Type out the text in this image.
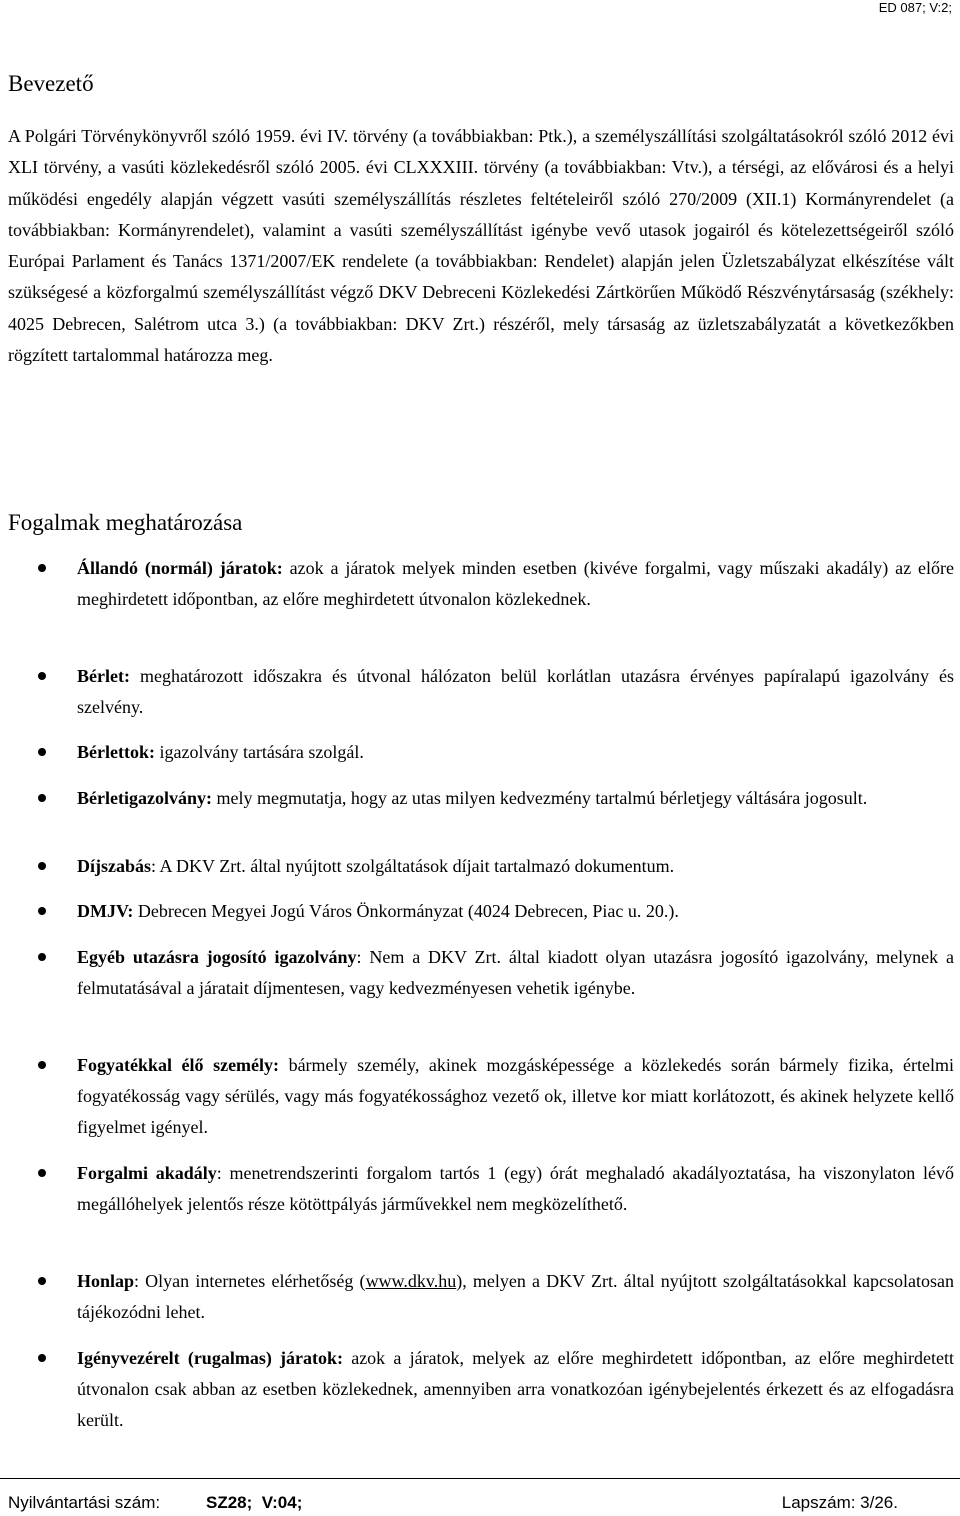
ED 087; V:2;
Bevezető

A Polgári Törvénykönyvről szóló 1959. évi IV. törvény (a továbbiakban: Ptk.), a személyszállítási szolgáltatásokról szóló 2012 évi XLI törvény, a vasúti közlekedésről szóló 2005. évi CLXXXIII. törvény (a továbbiakban: Vtv.), a térségi, az elővárosi és a helyi működési engedély alapján végzett vasúti személyszállítás részletes feltételeiről szóló 270/2009 (XII.1) Kormányrendelet (a továbbiakban: Kormányrendelet), valamint a vasúti személyszállítást igénybe vevő utasok jogairól és kötelezettségeiről szóló Európai Parlament és Tanács 1371/2007/EK rendelete (a továbbiakban: Rendelet) alapján jelen Üzletszabályzat elkészítése vált szükségesé a közforgalmú személyszállítást végző DKV Debreceni Közlekedési Zártkörűen Működő Részvénytársaság (székhely: 4025 Debrecen, Salétrom utca 3.) (a továbbiakban: DKV Zrt.) részéről, mely társaság az üzletszabályzatát a következőkben rögzített tartalommal határozza meg.

Fogalmak meghatározása
Állandó (normál) járatok: azok a járatok melyek minden esetben (kivéve forgalmi, vagy műszaki akadály) az előre meghirdetett időpontban, az előre meghirdetett útvonalon közlekednek.
Bérlet: meghatározott időszakra és útvonal hálózaton belül korlátlan utazásra érvényes papíralapú igazolvány és szelvény.
Bérlettok: igazolvány tartására szolgál.
Bérletigazolvány: mely megmutatja, hogy az utas milyen kedvezmény tartalmú bérletjegy váltására jogosult.
Díjszabás: A DKV Zrt. által nyújtott szolgáltatások díjait tartalmazó dokumentum.
DMJV: Debrecen Megyei Jogú Város Önkormányzat (4024 Debrecen, Piac u. 20.).
Egyéb utazásra jogosító igazolvány: Nem a DKV Zrt. által kiadott olyan utazásra jogosító igazolvány, melynek a felmutatásával a járatait díjmentesen, vagy kedvezményesen vehetik igénybe.
Fogyatékkal élő személy: bármely személy, akinek mozgásképessége a közlekedés során bármely fizika, értelmi fogyatékosság vagy sérülés, vagy más fogyatékossághoz vezető ok, illetve kor miatt korlátozott, és akinek helyzete kellő figyelmet igényel.
Forgalmi akadály: menetrendszerinti forgalom tartós 1 (egy) órát meghaladó akadályoztatása, ha viszonylaton lévő megállóhelyek jelentős része kötöttpályás járművekkel nem megközelíthető.
Honlap: Olyan internetes elérhetőség (www.dkv.hu), melyen a DKV Zrt. által nyújtott szolgáltatásokkal kapcsolatosan tájékozódni lehet.
Igényvezérelt (rugalmas) járatok: azok a járatok, melyek az előre meghirdetett időpontban, az előre meghirdetett útvonalon csak abban az esetben közlekednek, amennyiben arra vonatkozóan igénybejelentés érkezett és az elfogadásra került.
Nyilvántartási szám:	SZ28;  V:04;	Lapszám: 3/26.
